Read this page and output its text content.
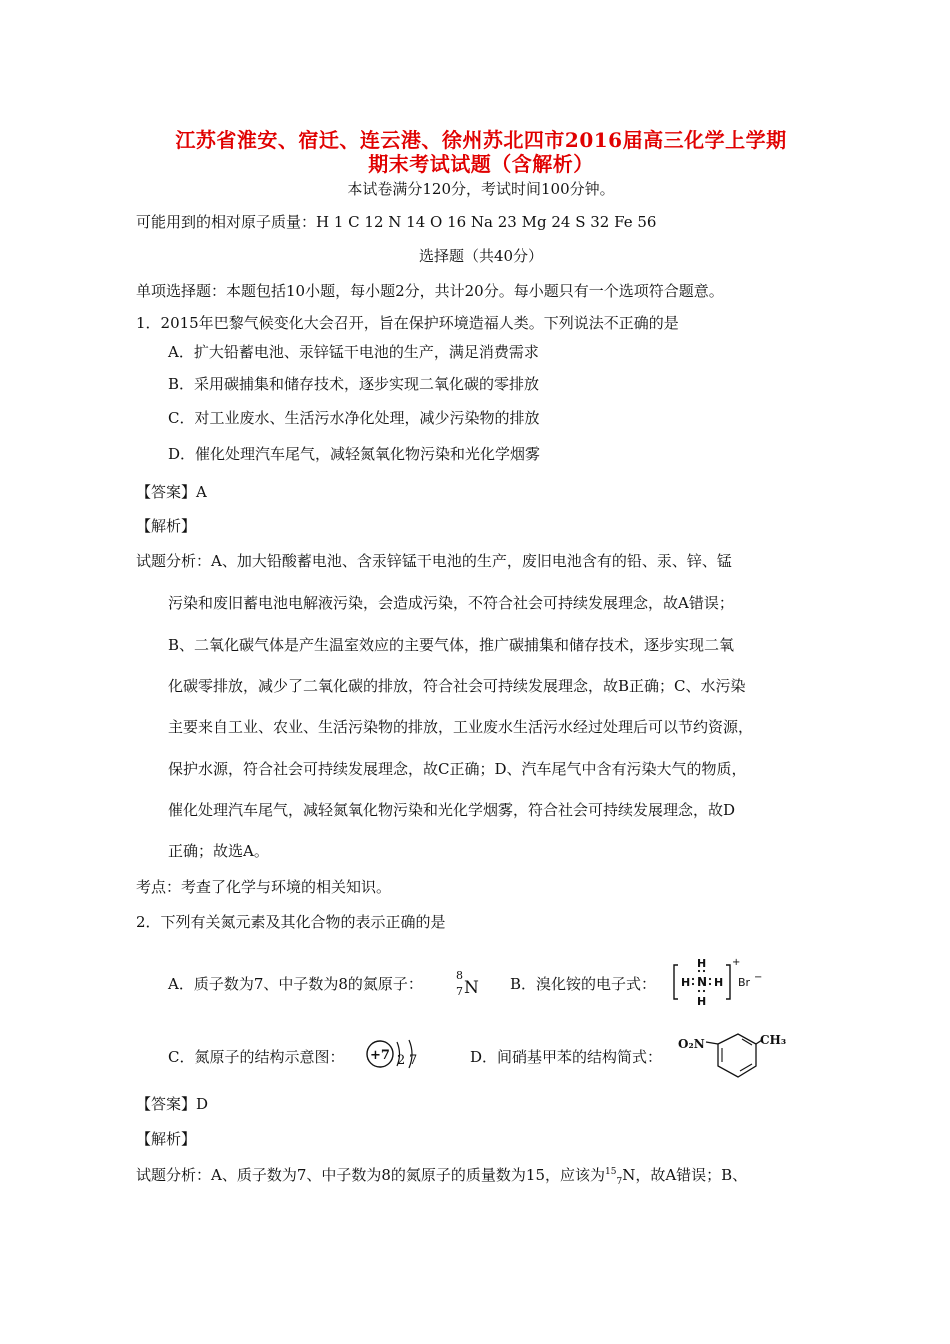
江苏省淮安、宿迁、连云港、徐州苏北四市2016届高三化学上学期
期末考试试题（含解析）
本试卷满分120分，考试时间100分钟。
可能用到的相对原子质量：H 1 C 12 N 14 O 16 Na 23 Mg 24 S 32 Fe 56
选择题（共40分）
单项选择题：本题包括10小题，每小题2分，共计20分。每小题只有一个选项符合题意。
1．2015年巴黎气候变化大会召开，旨在保护环境造福人类。下列说法不正确的是
A．扩大铅蓄电池、汞锌锰干电池的生产，满足消费需求
B．采用碳捕集和储存技术，逐步实现二氧化碳的零排放
C．对工业废水、生活污水净化处理，减少污染物的排放
D．催化处理汽车尾气，减轻氮氧化物污染和光化学烟雾
【答案】A
【解析】
试题分析：A、加大铅酸蓄电池、含汞锌锰干电池的生产，废旧电池含有的铅、汞、锌、锰
污染和废旧蓄电池电解液污染，会造成污染，不符合社会可持续发展理念，故A错误；
B、二氧化碳气体是产生温室效应的主要气体，推广碳捕集和储存技术，逐步实现二氧
化碳零排放，减少了二氧化碳的排放，符合社会可持续发展理念，故B正确；C、水污染
主要来自工业、农业、生活污染物的排放，工业废水生活污水经过处理后可以节约资源，
保护水源，符合社会可持续发展理念，故C正确；D、汽车尾气中含有污染大气的物质，
催化处理汽车尾气，减轻氮氧化物污染和光化学烟雾，符合社会可持续发展理念，故D
正确；故选A。
考点：考查了化学与环境的相关知识。
2．下列有关氮元素及其化合物的表示正确的是
A．质子数为7、中子数为8的氮原子：	8
7 N B．溴化铵的电子式：
H
H N H
H
+
Br −
C．氮原子的结构示意图： +7 2 7	D．间硝基甲苯的结构简式：
O₂N	CH₃
【答案】D
【解析】
试题分析：A、质子数为7、中子数为8的氮原子的质量数为15，应该为$^{15}_7$N，故A错误；B、
